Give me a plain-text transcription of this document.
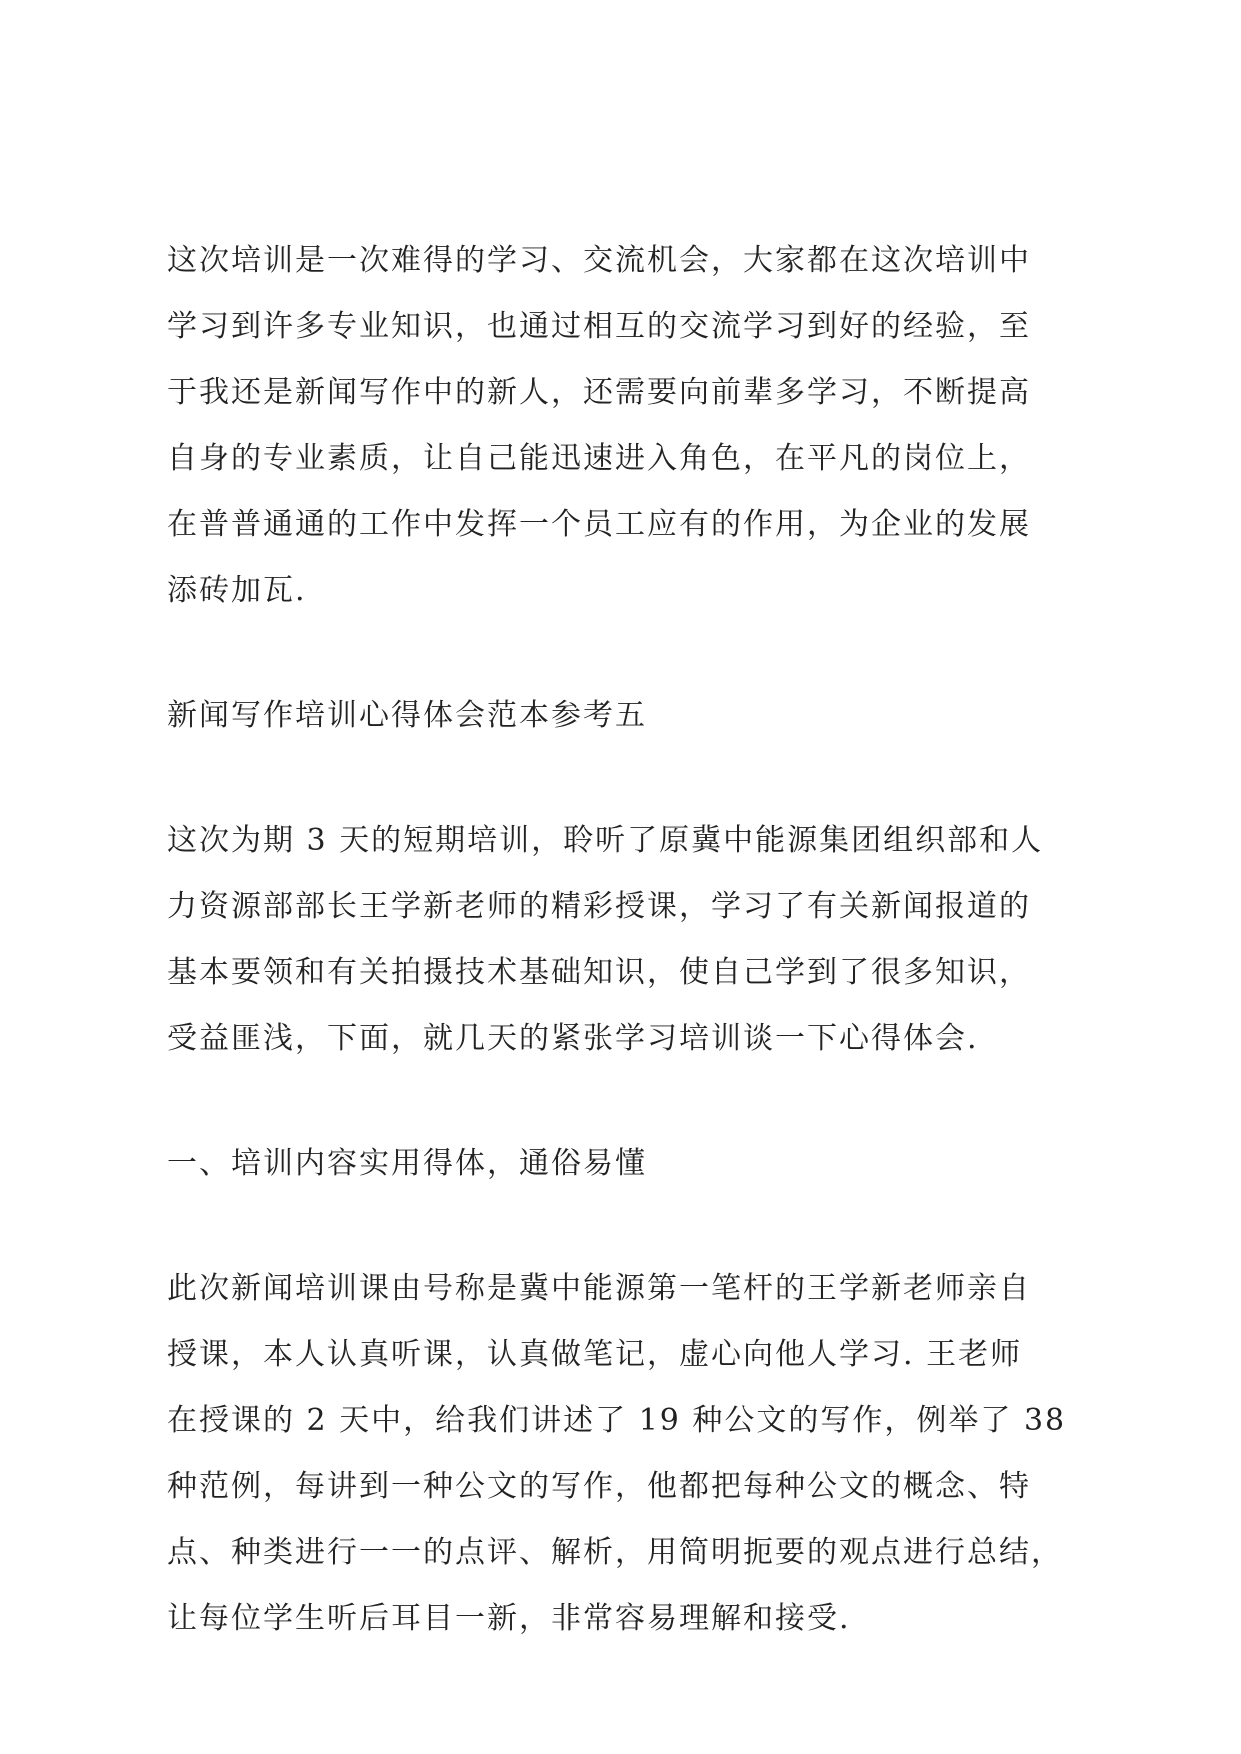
这次培训是一次难得的学习、交流机会，大家都在这次培训中
学习到许多专业知识，也通过相互的交流学习到好的经验，至
于我还是新闻写作中的新人，还需要向前辈多学习，不断提高
自身的专业素质，让自己能迅速进入角色，在平凡的岗位上，
在普普通通的工作中发挥一个员工应有的作用，为企业的发展
添砖加瓦.

新闻写作培训心得体会范本参考五

这次为期 3 天的短期培训，聆听了原冀中能源集团组织部和人
力资源部部长王学新老师的精彩授课，学习了有关新闻报道的
基本要领和有关拍摄技术基础知识，使自己学到了很多知识，
受益匪浅，下面，就几天的紧张学习培训谈一下心得体会.

一、培训内容实用得体，通俗易懂

此次新闻培训课由号称是冀中能源第一笔杆的王学新老师亲自
授课，本人认真听课，认真做笔记，虚心向他人学习. 王老师
在授课的 2 天中，给我们讲述了 19 种公文的写作，例举了 38
种范例，每讲到一种公文的写作，他都把每种公文的概念、特
点、种类进行一一的点评、解析，用简明扼要的观点进行总结，
让每位学生听后耳目一新，非常容易理解和接受.
